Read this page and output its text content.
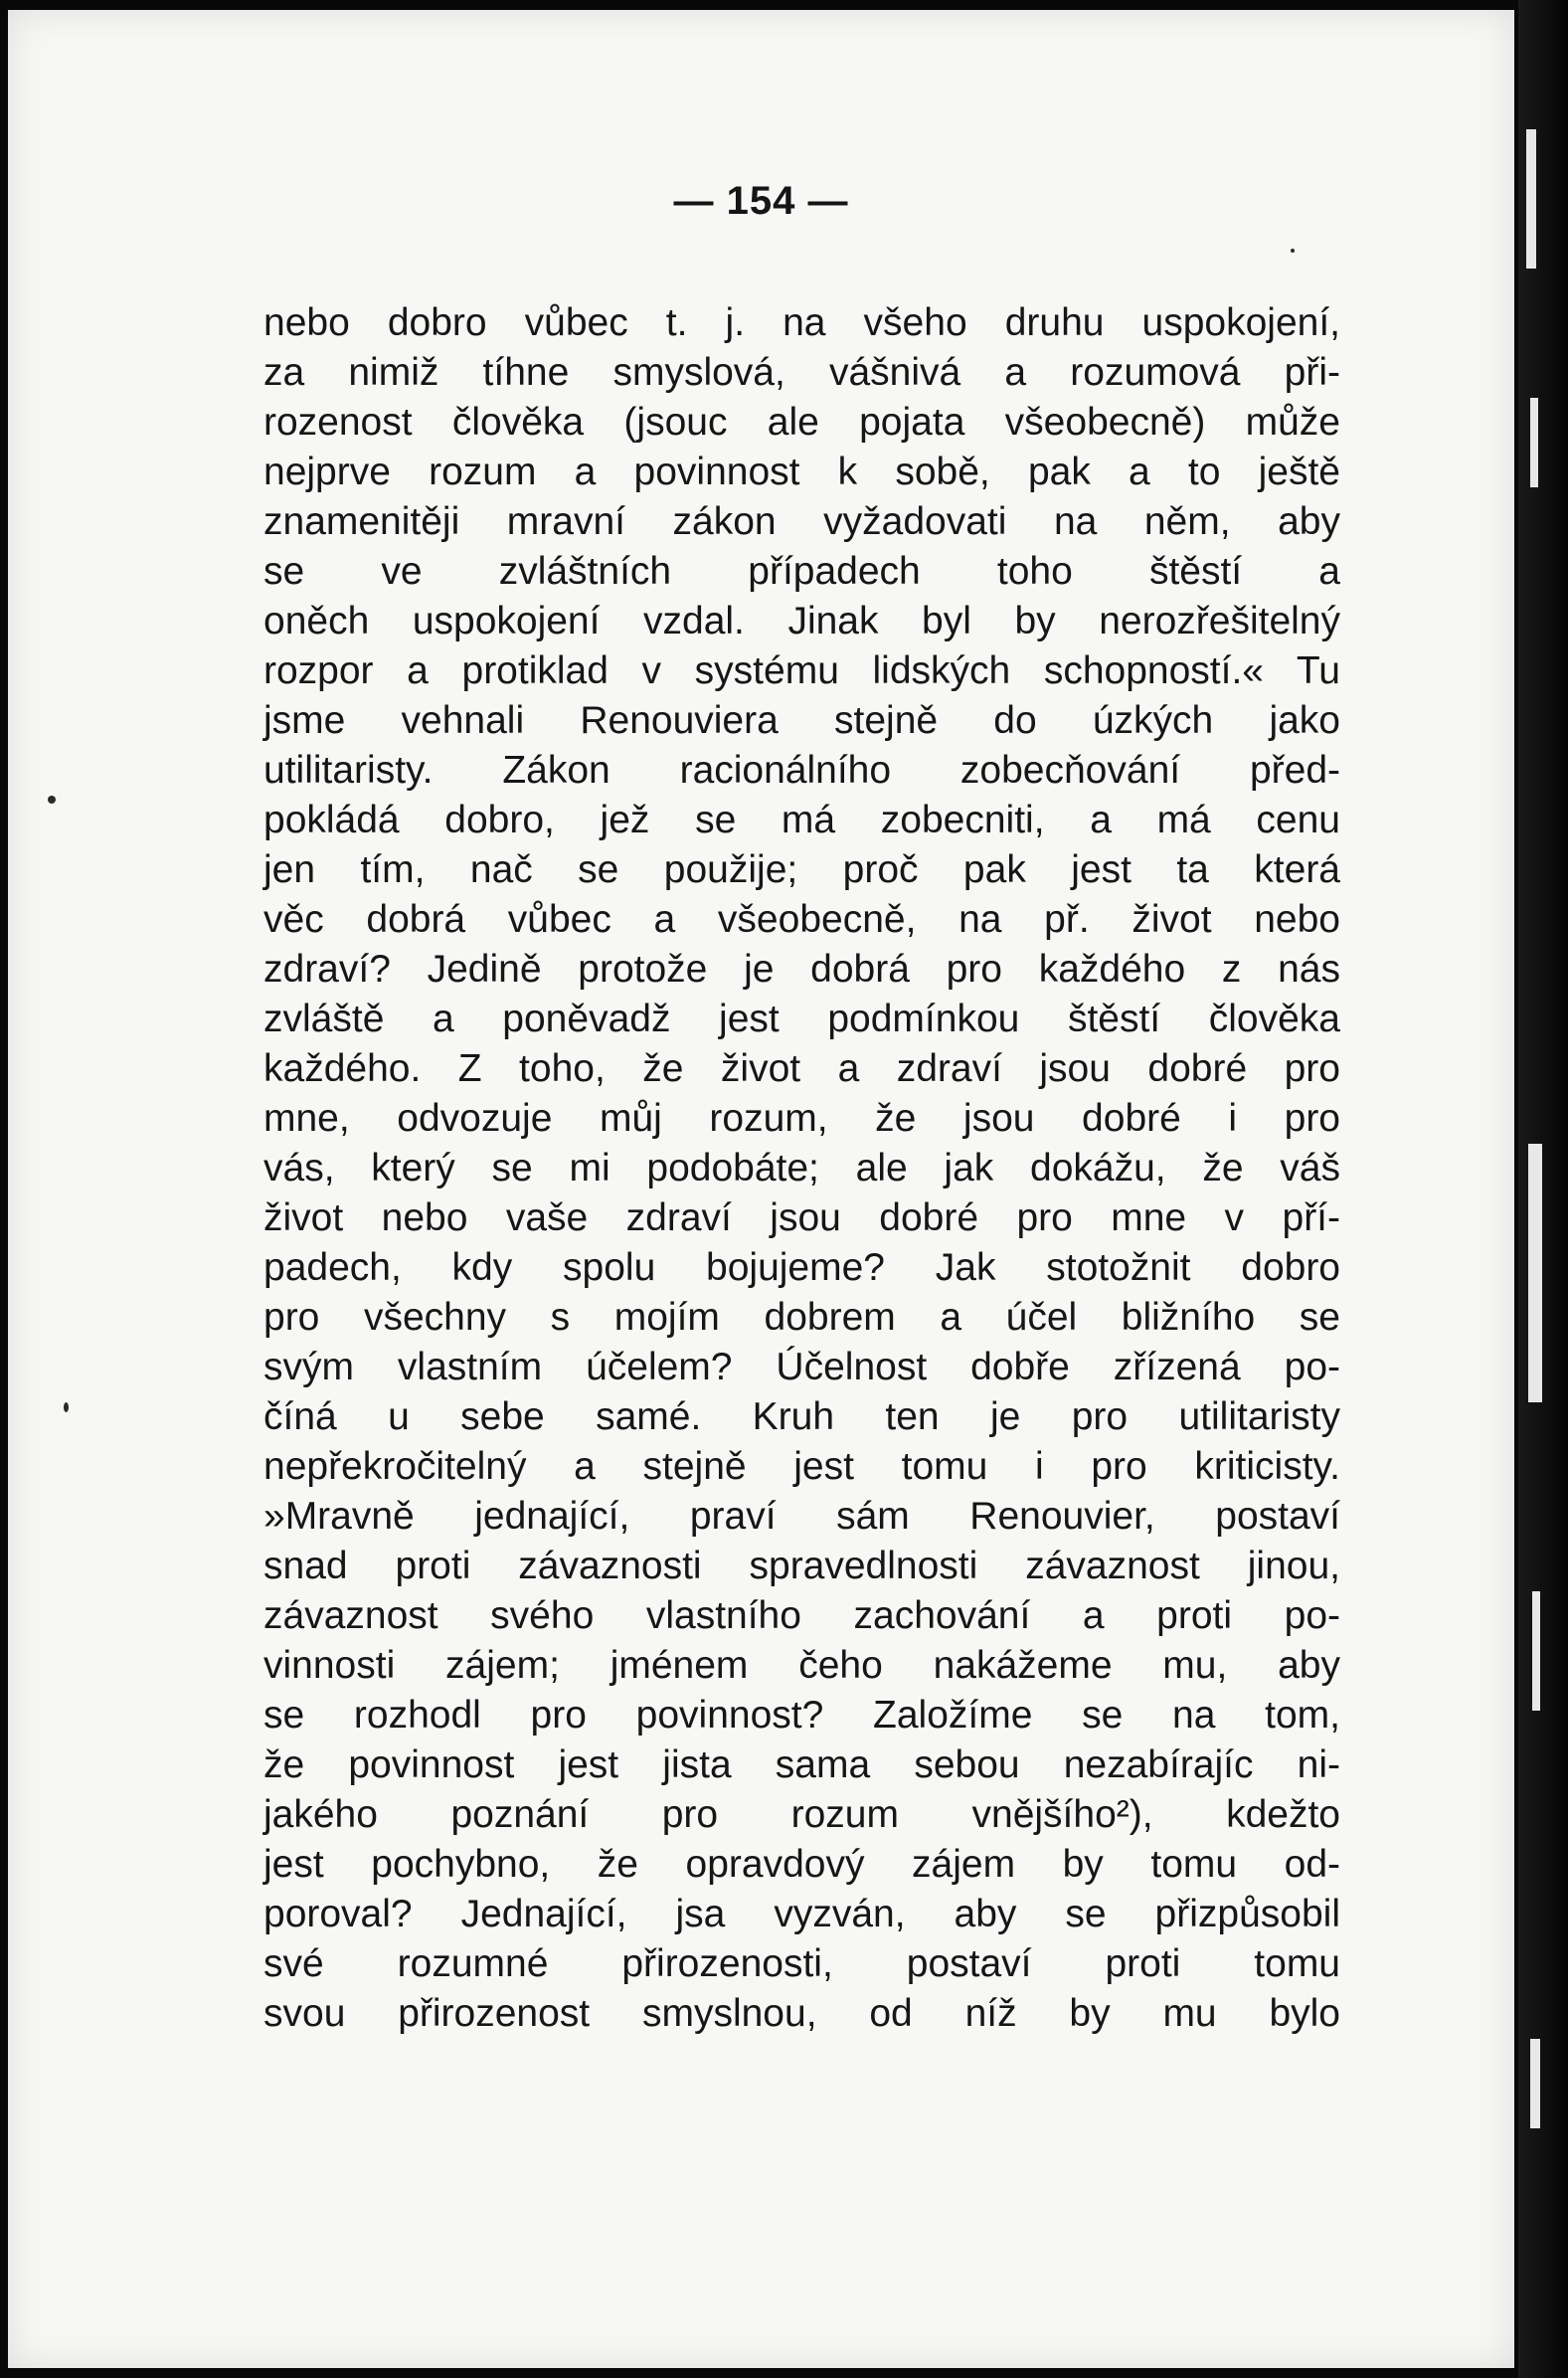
— 154 —
nebo dobro vůbec t. j. na všeho druhu uspokojení,
za nimiž tíhne smyslová, vášnivá a rozumová při-
rozenost člověka (jsouc ale pojata všeobecně) může
nejprve rozum a povinnost k sobě, pak a to ještě
znamenitěji mravní zákon vyžadovati na něm, aby
se ve zvláštních případech toho štěstí a
oněch uspokojení vzdal. Jinak byl by nerozřešitelný
rozpor a protiklad v systému lidských schopností.« Tu
jsme vehnali Renouviera stejně do úzkých jako
utilitaristy. Zákon racionálního zobecňování před-
pokládá dobro, jež se má zobecniti, a má cenu
jen tím, nač se použije; proč pak jest ta která
věc dobrá vůbec a všeobecně, na př. život nebo
zdraví? Jedině protože je dobrá pro každého z nás
zvláště a poněvadž jest podmínkou štěstí člověka
každého. Z toho, že život a zdraví jsou dobré pro
mne, odvozuje můj rozum, že jsou dobré i pro
vás, který se mi podobáte; ale jak dokážu, že váš
život nebo vaše zdraví jsou dobré pro mne v pří-
padech, kdy spolu bojujeme? Jak stotožnit dobro
pro všechny s mojím dobrem a účel bližního se
svým vlastním účelem? Účelnost dobře zřízená po-
číná u sebe samé. Kruh ten je pro utilitaristy
nepřekročitelný a stejně jest tomu i pro kriticisty.
»Mravně jednající, praví sám Renouvier, postaví
snad proti závaznosti spravedlnosti závaznost jinou,
závaznost svého vlastního zachování a proti po-
vinnosti zájem; jménem čeho nakážeme mu, aby
se rozhodl pro povinnost? Založíme se na tom,
že povinnost jest jista sama sebou nezabírajíc ni-
jakého poznání pro rozum vnějšího²), kdežto
jest pochybno, že opravdový zájem by tomu od-
poroval? Jednající, jsa vyzván, aby se přizpůsobil
své rozumné přirozenosti, postaví proti tomu
svou přirozenost smyslnou, od níž by mu bylo
